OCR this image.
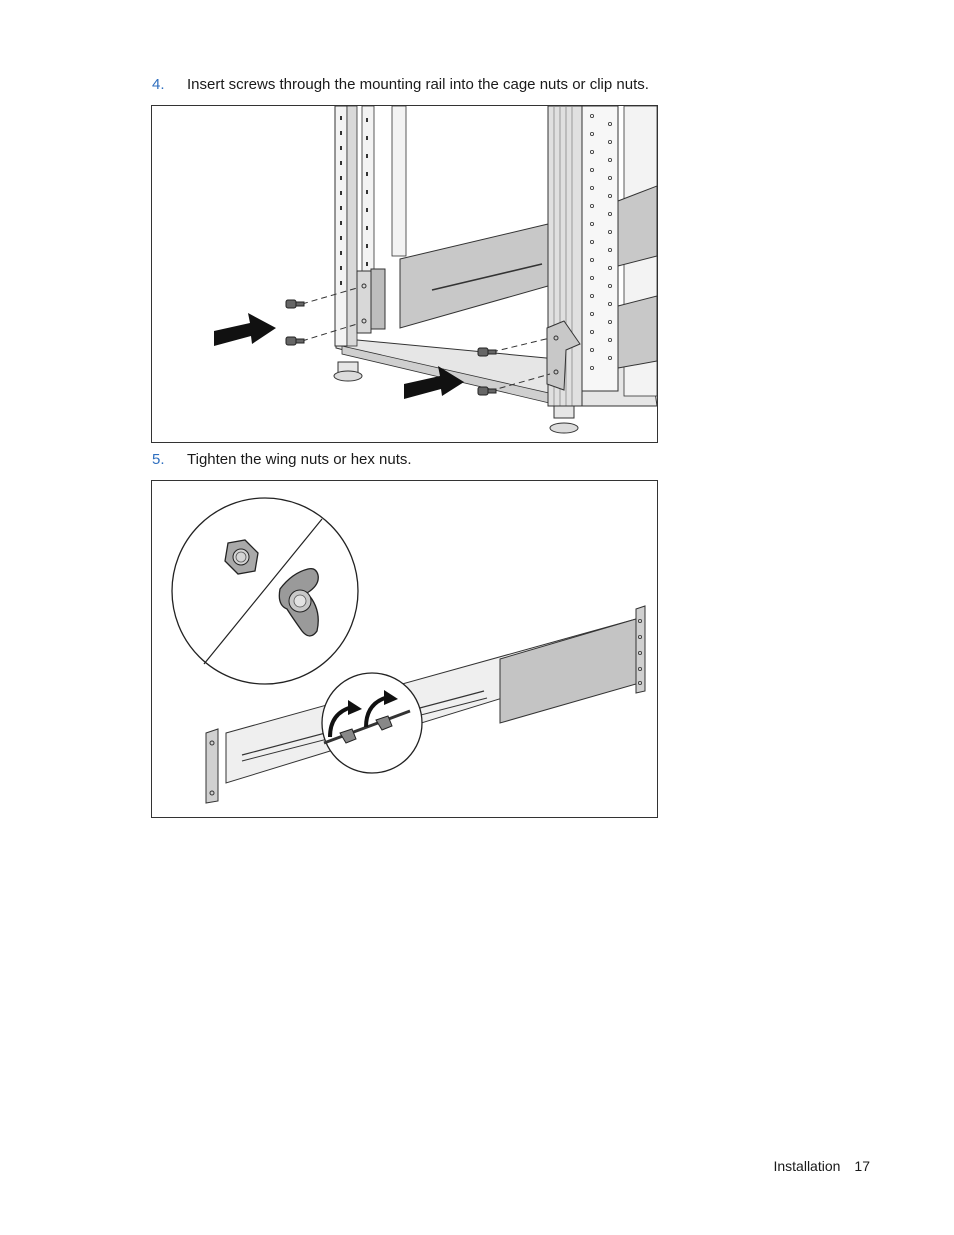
4. Insert screws through the mounting rail into the cage nuts or clip nuts.
5. Tighten the wing nuts or hex nuts.
Installation 17
